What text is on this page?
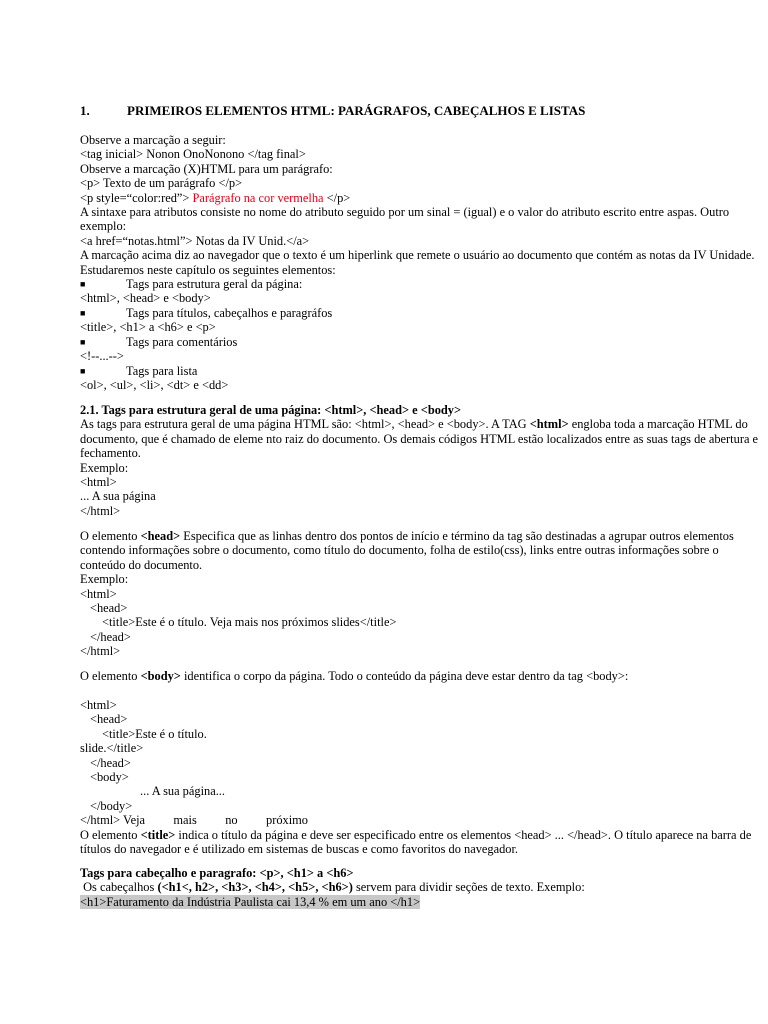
1.	PRIMEIROS ELEMENTOS HTML: PARÁGRAFOS, CABEÇALHOS E LISTAS
Observe a marcação a seguir:
<tag inicial> Nonon OnoNonono </tag final>
Observe a marcação (X)HTML para um parágrafo:
<p> Texto de um parágrafo </p>
<p style=“color:red”> Parágrafo na cor vermelha </p>
A sintaxe para atributos consiste no nome do atributo seguido por um sinal = (igual) e o valor do atributo escrito entre aspas. Outro exemplo:
<a href=“notas.html”> Notas da IV Unid.</a>
A marcação acima diz ao navegador que o texto é um hiperlink que remete o usuário ao documento que contém as notas da IV Unidade. Estudaremos neste capítulo os seguintes elementos:
■	Tags para estrutura geral da página:
<html>, <head> e <body>
■	Tags para títulos, cabeçalhos e paragráfos
<title>, <h1> a <h6> e <p>
■	Tags para comentários
<!--...-->
■	Tags para lista
<ol>, <ul>, <li>, <dt> e <dd>
2.1. Tags para estrutura geral de uma página: <html>, <head> e <body>
As tags para estrutura geral de uma página HTML são: <html>, <head> e <body>. A TAG <html> engloba toda a marcação HTML do documento, que é chamado de eleme nto raiz do documento. Os demais códigos HTML estão localizados entre as suas tags de abertura e fechamento.
Exemplo:
<html>
... A sua página
</html>
O elemento <head> Especifica que as linhas dentro dos pontos de início e término da tag são destinadas a agrupar outros elementos contendo informações sobre o documento, como título do documento, folha de estilo(css), links entre outras informações sobre o conteúdo do documento.
Exemplo:
<html>
<head>
<title>Este é o título. Veja mais nos próximos slides</title>
</head>
</html>
O elemento <body> identifica o corpo da página. Todo o conteúdo da página deve estar dentro da tag <body>:
<html>
<head>
<title>Este é o título.
slide.</title>
</head>
<body>
... A sua página...
</body>
</html> Veja mais no próximo
O elemento <title> indica o título da página e deve ser especificado entre os elementos <head> ... </head>. O título aparece na barra de títulos do navegador e é utilizado em sistemas de buscas e como favoritos do navegador.
Tags para cabeçalho e paragrafo: <p>, <h1> a <h6>
Os cabeçalhos (<h1<, h2>, <h3>, <h4>, <h5>, <h6>) servem para dividir seções de texto. Exemplo:
<h1>Faturamento da Indústria Paulista cai 13,4 % em um ano </h1>
